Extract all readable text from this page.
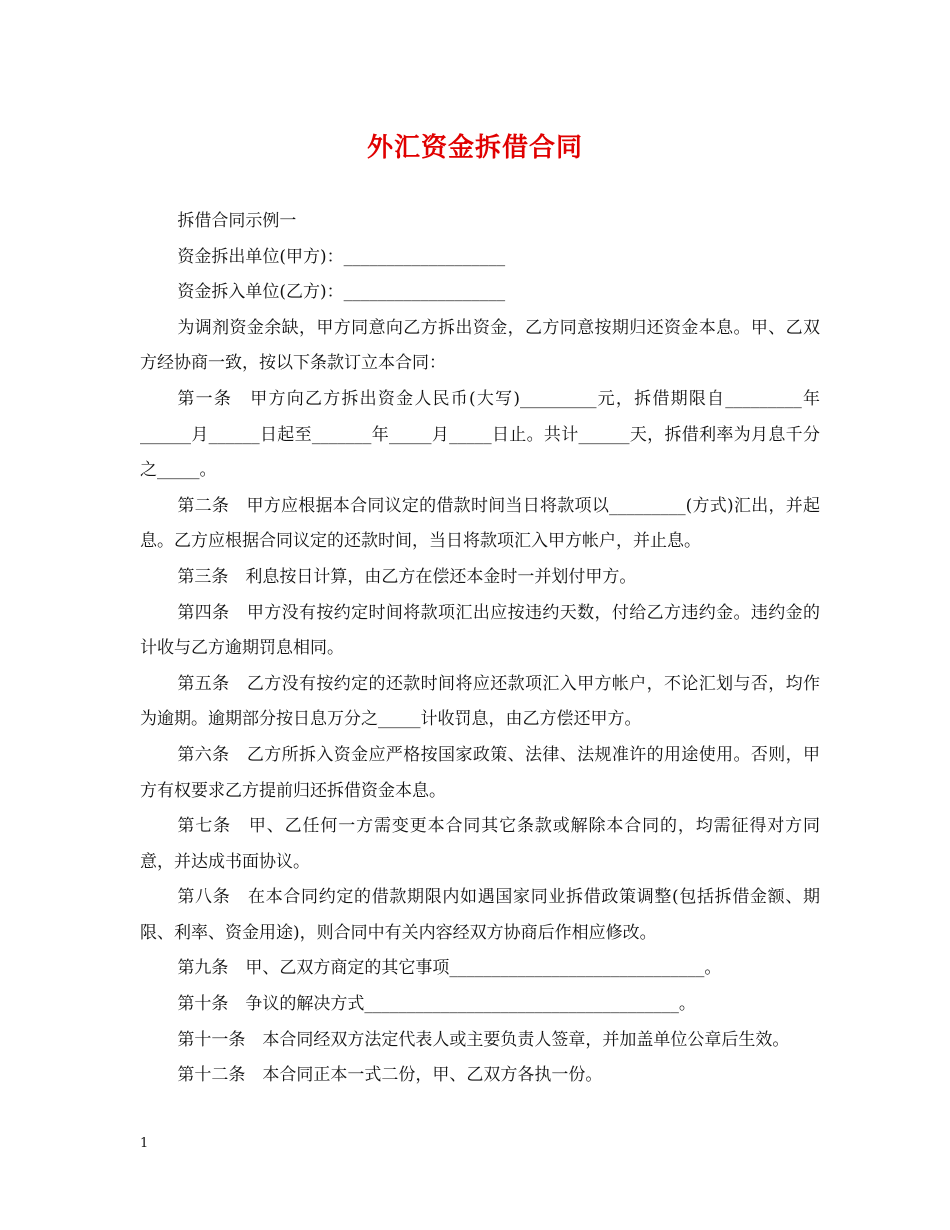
外汇资金拆借合同

拆借合同示例一

资金拆出单位(甲方)：___________________

资金拆入单位(乙方)：___________________

为调剂资金余缺，甲方同意向乙方拆出资金，乙方同意按期归还资金本息。甲、乙双方经协商一致，按以下条款订立本合同：

第一条　甲方向乙方拆出资金人民币(大写)_________元，拆借期限自_________年______月______日起至_______年_____月_____日止。共计______天，拆借利率为月息千分之_____。

第二条　甲方应根据本合同议定的借款时间当日将款项以_________(方式)汇出，并起息。乙方应根据合同议定的还款时间，当日将款项汇入甲方帐户，并止息。

第三条　利息按日计算，由乙方在偿还本金时一并划付甲方。

第四条　甲方没有按约定时间将款项汇出应按违约天数，付给乙方违约金。违约金的计收与乙方逾期罚息相同。

第五条　乙方没有按约定的还款时间将应还款项汇入甲方帐户，不论汇划与否，均作为逾期。逾期部分按日息万分之_____计收罚息，由乙方偿还甲方。

第六条　乙方所拆入资金应严格按国家政策、法律、法规准许的用途使用。否则，甲方有权要求乙方提前归还拆借资金本息。

第七条　甲、乙任何一方需变更本合同其它条款或解除本合同的，均需征得对方同意，并达成书面协议。

第八条　在本合同约定的借款期限内如遇国家同业拆借政策调整(包括拆借金额、期限、利率、资金用途)，则合同中有关内容经双方协商后作相应修改。

第九条　甲、乙双方商定的其它事项______________________________。

第十条　争议的解决方式_____________________________________。

第十一条　本合同经双方法定代表人或主要负责人签章，并加盖单位公章后生效。

第十二条　本合同正本一式二份，甲、乙双方各执一份。

1
